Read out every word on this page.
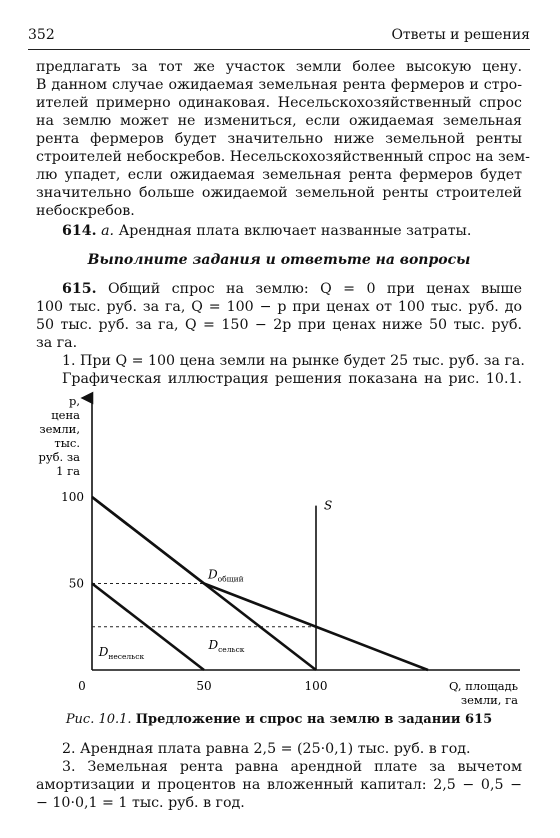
352	Ответы и решения
предлагать за тот же участок земли более высокую цену.
В данном случае ожидаемая земельная рента фермеров и стро-
ителей примерно одинаковая. Несельскохозяйственный спрос
на землю может не измениться, если ожидаемая земельная
рента фермеров будет значительно ниже земельной ренты
строителей небоскребов. Несельскохозяйственный спрос на зем-
лю упадет, если ожидаемая земельная рента фермеров будет
значительно больше ожидаемой земельной ренты строителей
небоскребов.
614. а. Арендная плата включает названные затраты.
Выполните задания и ответьте на вопросы
615. Общий спрос на землю: Q = 0 при ценах выше
100 тыс. руб. за га, Q = 100 − p при ценах от 100 тыс. руб. до
50 тыс. руб. за га, Q = 150 − 2p при ценах ниже 50 тыс. руб.
за га.
1. При Q = 100 цена земли на рынке будет 25 тыс. руб. за га.
Графическая иллюстрация решения показана на рис. 10.1.
p,
цена
земли,
тыс.
руб. за
1 га
Q, площадь
земли, га
100
50
0	50	100
$D_{общий}$
$D_{сельск}$
$D_{несельск}$
S
Рис. 10.1. Предложение и спрос на землю в задании 615
2. Арендная плата равна 2,5 = (25·0,1) тыс. руб. в год.
3. Земельная рента равна арендной плате за вычетом
амортизации и процентов на вложенный капитал: 2,5 − 0,5 −
− 10·0,1 = 1 тыс. руб. в год.
